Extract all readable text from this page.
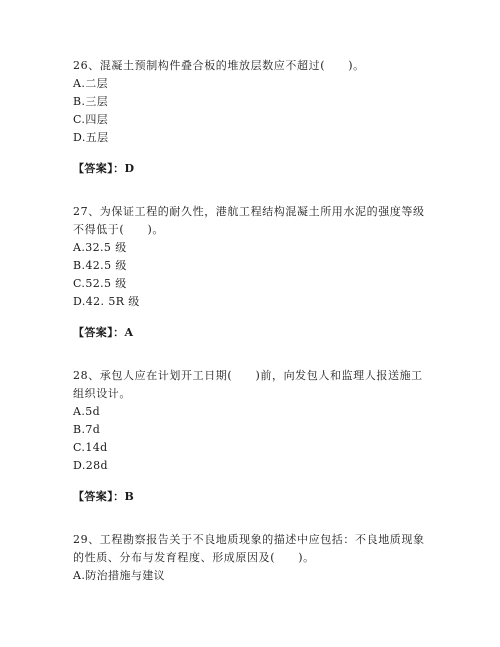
26、混凝土预制构件叠合板的堆放层数应不超过(　　)。
A.二层
B.三层
C.四层
D.五层
【答案】：D
27、为保证工程的耐久性，港航工程结构混凝土所用水泥的强度等级
不得低于(　　)。
A.32.5 级
B.42.5 级
C.52.5 级
D.42. 5R 级
【答案】：A
28、承包人应在计划开工日期(　　)前，向发包人和监理人报送施工
组织设计。
A.5d
B.7d
C.14d
D.28d
【答案】：B
29、工程勘察报告关于不良地质现象的描述中应包括：不良地质现象
的性质、分布与发育程度、形成原因及(　　)。
A.防治措施与建议
